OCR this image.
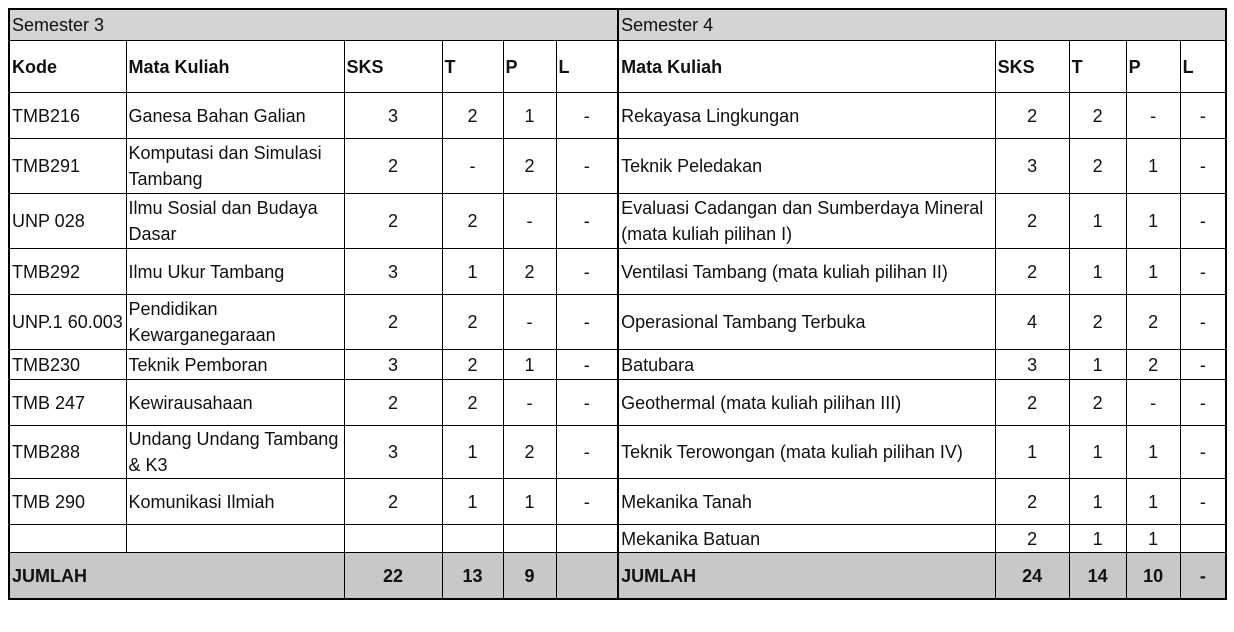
Semester 3						Semester 4				
Kode	Mata Kuliah	SKS	T	P	L	Mata Kuliah	SKS	T	P	L
TMB216	Ganesa Bahan Galian	3	2	1	-	Rekayasa Lingkungan	2	2	-	-
TMB291	Komputasi dan Simulasi Tambang	2	-	2	-	Teknik Peledakan	3	2	1	-
UNP 028	Ilmu Sosial dan Budaya Dasar	2	2	-	-	Evaluasi Cadangan dan Sumberdaya Mineral (mata kuliah pilihan I)	2	1	1	-
TMB292	Ilmu Ukur Tambang	3	1	2	-	Ventilasi Tambang (mata kuliah pilihan II)	2	1	1	-
UNP.1 60.003	Pendidikan Kewarganegaraan	2	2	-	-	Operasional Tambang Terbuka	4	2	2	-
TMB230	Teknik Pemboran	3	2	1	-	Batubara	3	1	2	-
TMB 247	Kewirausahaan	2	2	-	-	Geothermal (mata kuliah pilihan III)	2	2	-	-
TMB288	Undang Undang Tambang & K3	3	1	2	-	Teknik Terowongan (mata kuliah pilihan IV)	1	1	1	-
TMB 290	Komunikasi Ilmiah	2	1	1	-	Mekanika Tanah	2	1	1	-
						Mekanika Batuan	2	1	1	
JUMLAH		22	13	9		JUMLAH	24	14	10	-
